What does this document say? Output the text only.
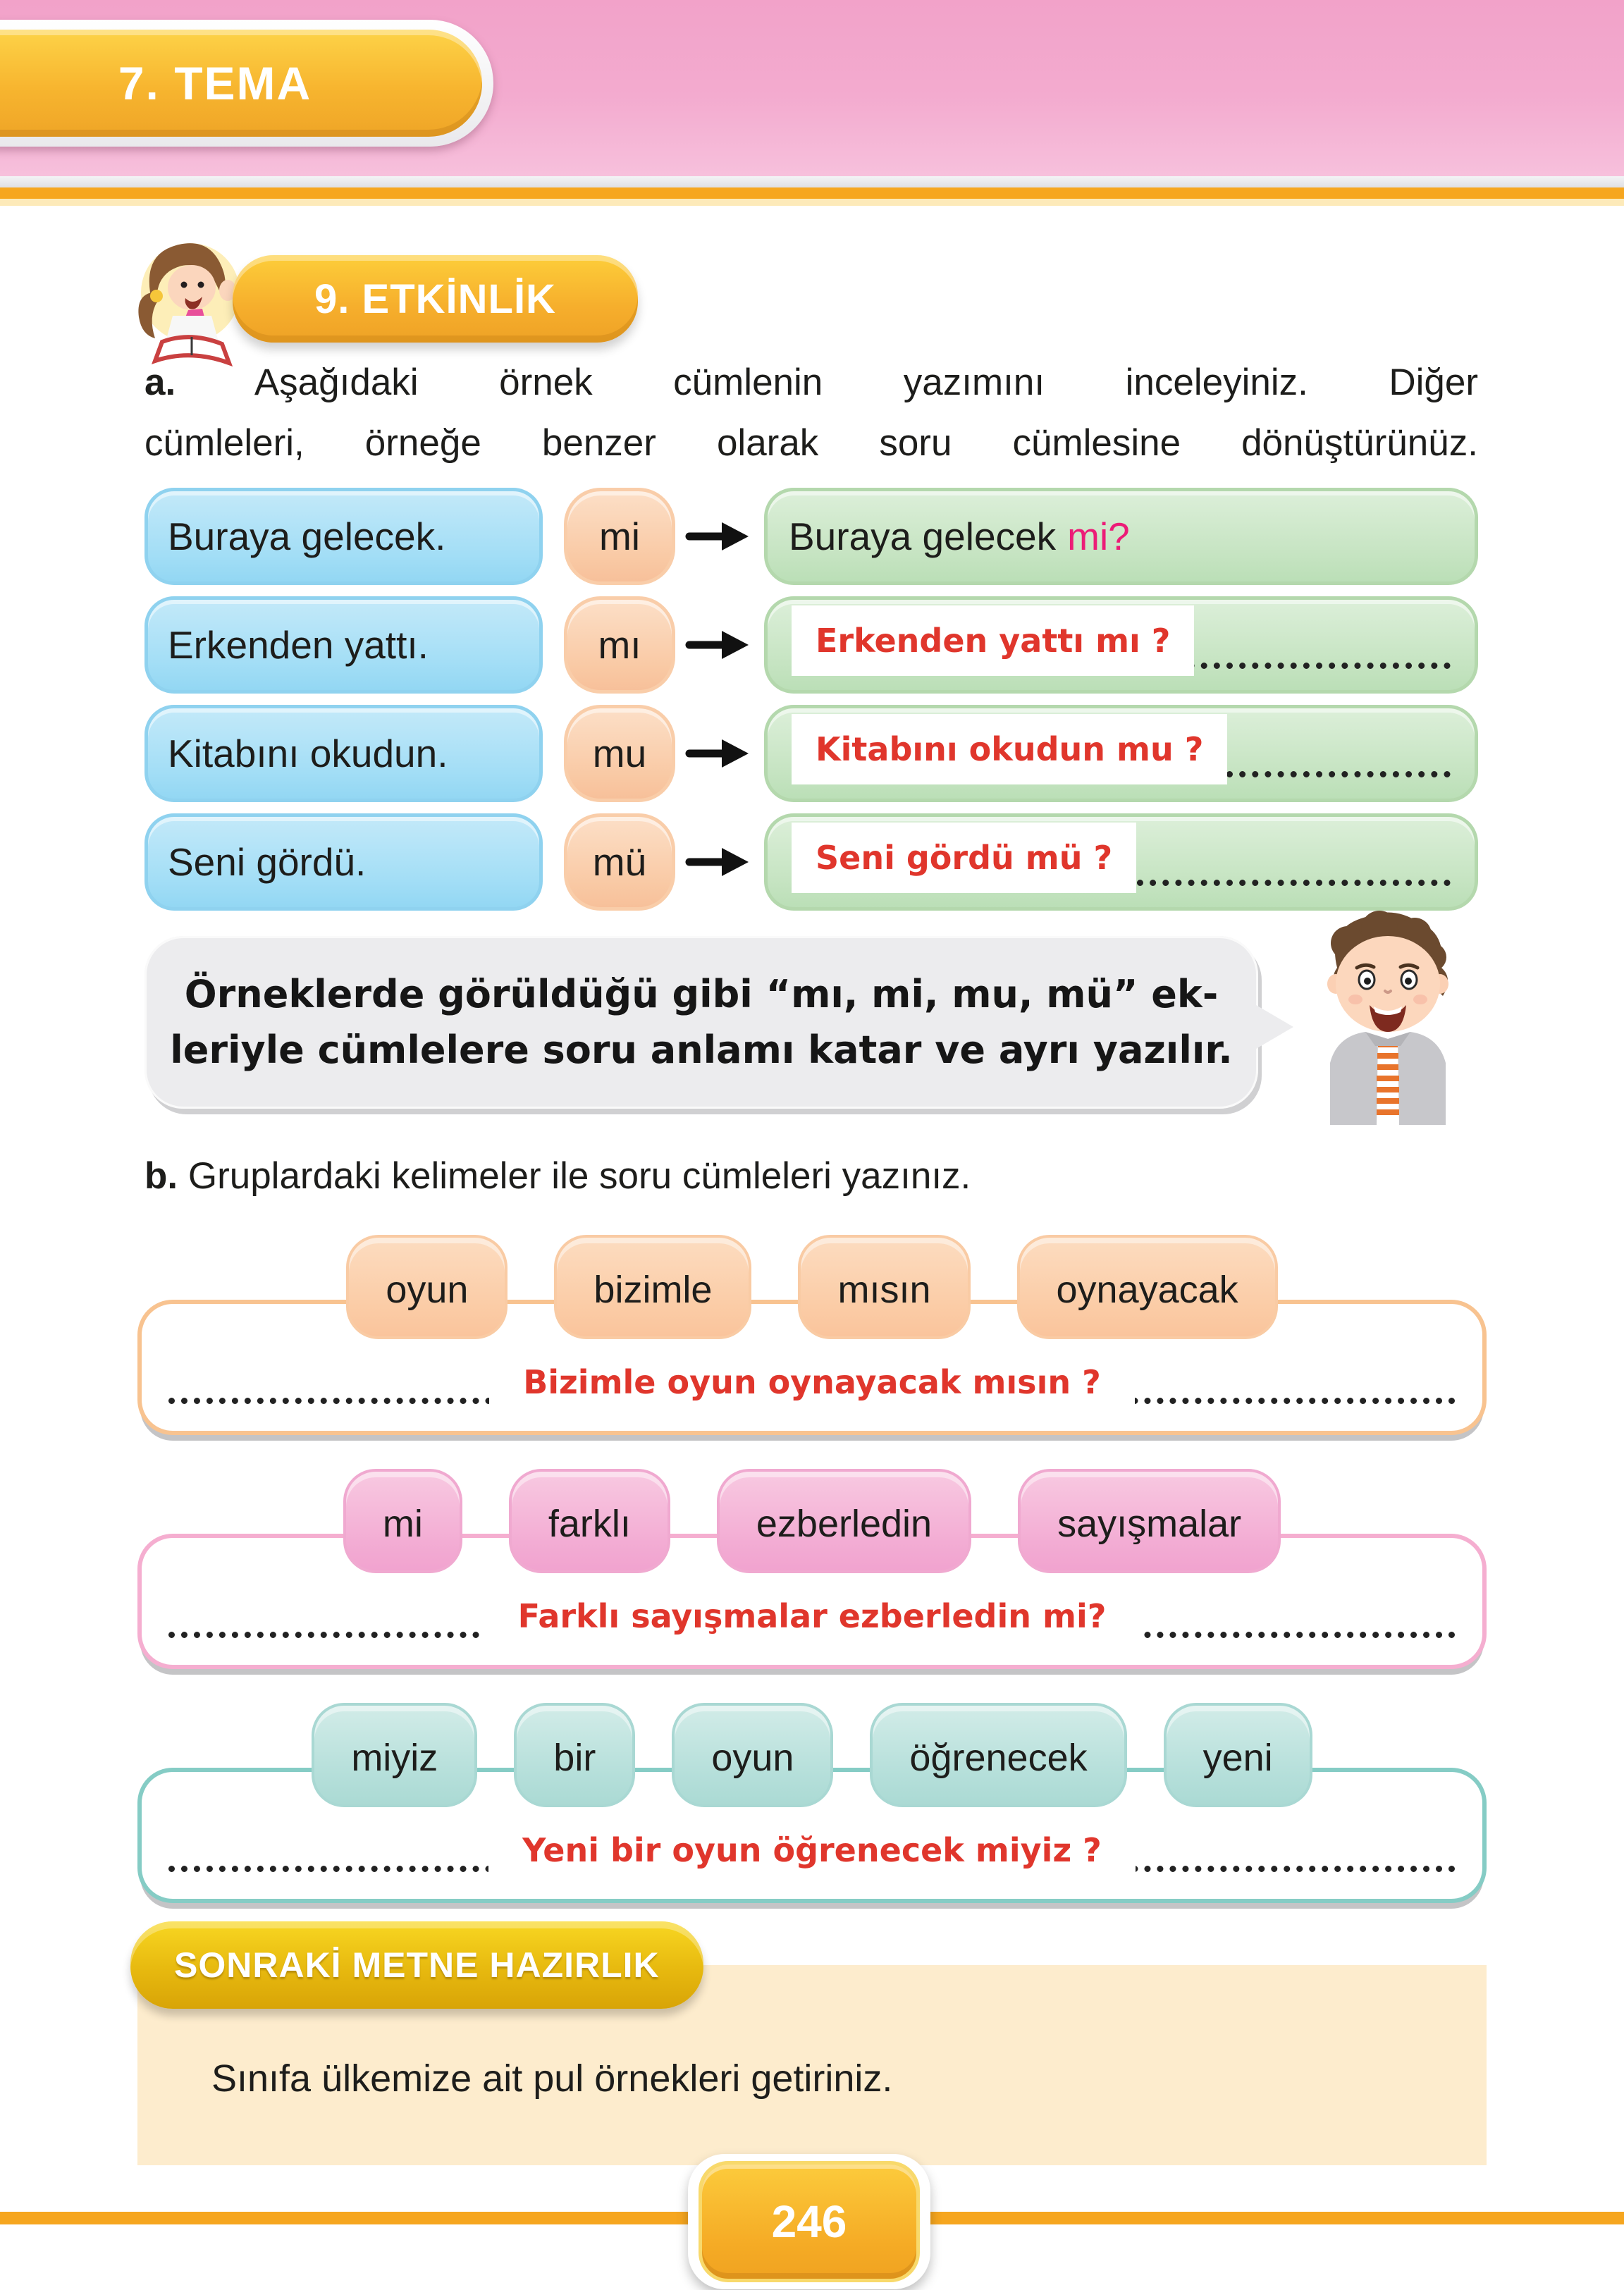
7. TEMA
9. ETKİNLİK
a. Aşağıdaki örnek cümlenin yazımını inceleyiniz. Diğer
cümleleri, örneğe benzer olarak soru cümlesine dönüştürünüz.
Buraya gelecek.	mi	Buraya gelecek mi?
Erkenden yattı.	mı	Erkenden yattı mı ?
Kitabını okudun.	mu	Kitabını okudun mu ?
Seni gördü.	mü	Seni gördü mü ?
Örneklerde görüldüğü gibi “mı, mi, mu, mü” ek-
leriyle cümlelere soru anlamı katar ve ayrı yazılır.
b. Gruplardaki kelimeler ile soru cümleleri yazınız.
oyun	bizimle	mısın	oynayacak
Bizimle oyun oynayacak mısın ?
mi	farklı	ezberledin	sayışmalar
Farklı sayışmalar ezberledin mi?
miyiz	bir	oyun	öğrenecek	yeni
Yeni bir oyun öğrenecek miyiz ?
SONRAKİ METNE HAZIRLIK
Sınıfa ülkemize ait pul örnekleri getiriniz.
246
